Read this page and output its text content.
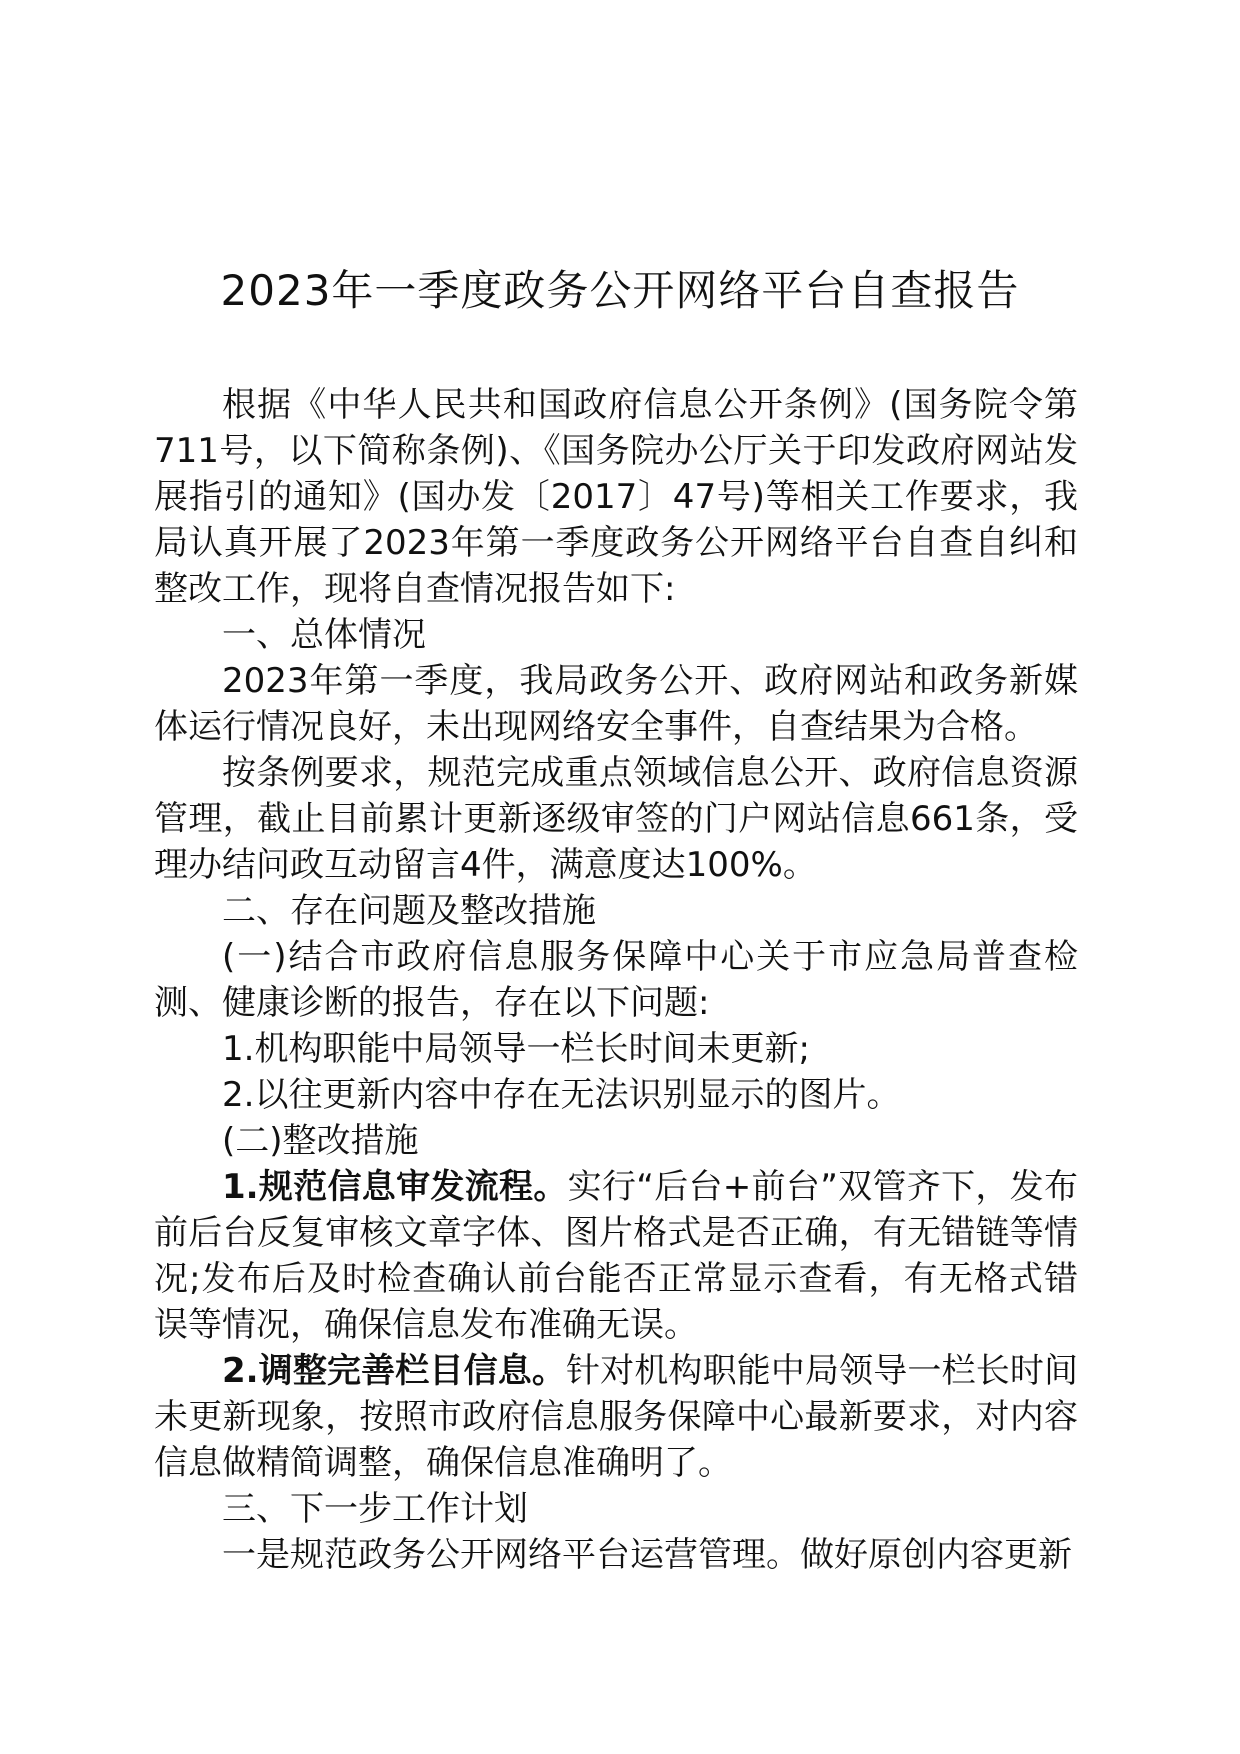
2023年一季度政务公开网络平台自查报告

根据《中华人民共和国政府信息公开条例》(国务院令第711号，以下简称条例)、《国务院办公厅关于印发政府网站发展指引的通知》(国办发〔2017〕47号)等相关工作要求，我局认真开展了2023年第一季度政务公开网络平台自查自纠和整改工作，现将自查情况报告如下:

一、总体情况

2023年第一季度，我局政务公开、政府网站和政务新媒体运行情况良好，未出现网络安全事件，自查结果为合格。

按条例要求，规范完成重点领域信息公开、政府信息资源管理，截止目前累计更新逐级审签的门户网站信息661条，受理办结问政互动留言4件，满意度达100%。

二、存在问题及整改措施

(一)结合市政府信息服务保障中心关于市应急局普查检测、健康诊断的报告，存在以下问题:

1.机构职能中局领导一栏长时间未更新;

2.以往更新内容中存在无法识别显示的图片。

(二)整改措施

1.规范信息审发流程。实行“后台+前台”双管齐下，发布前后台反复审核文章字体、图片格式是否正确，有无错链等情况;发布后及时检查确认前台能否正常显示查看，有无格式错误等情况，确保信息发布准确无误。

2.调整完善栏目信息。针对机构职能中局领导一栏长时间未更新现象，按照市政府信息服务保障中心最新要求，对内容信息做精简调整，确保信息准确明了。

三、下一步工作计划

一是规范政务公开网络平台运营管理。做好原创内容更新
